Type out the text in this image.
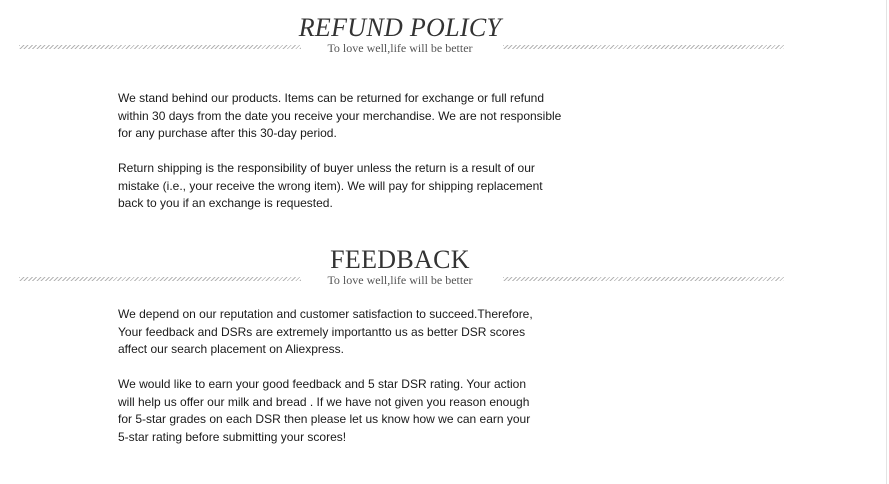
REFUND POLICY
To love well,life will be better

We stand behind our products. Items can be returned for exchange or full refund
within 30 days from the date you receive your merchandise. We are not responsible
for any purchase after this 30-day period.

Return shipping is the responsibility of buyer unless the return is a result of our
mistake (i.e., your receive the wrong item). We will pay for shipping replacement
back to you if an exchange is requested.

FEEDBACK
To love well,life will be better

We depend on our reputation and customer satisfaction to succeed.Therefore,
Your feedback and DSRs are extremely importantto us as better DSR scores
affect our search placement on Aliexpress.

We would like to earn your good feedback and 5 star DSR rating. Your action
will help us offer our milk and bread . If we have not given you reason enough
for 5-star grades on each DSR then please let us know how we can earn your
5-star rating before submitting your scores!
